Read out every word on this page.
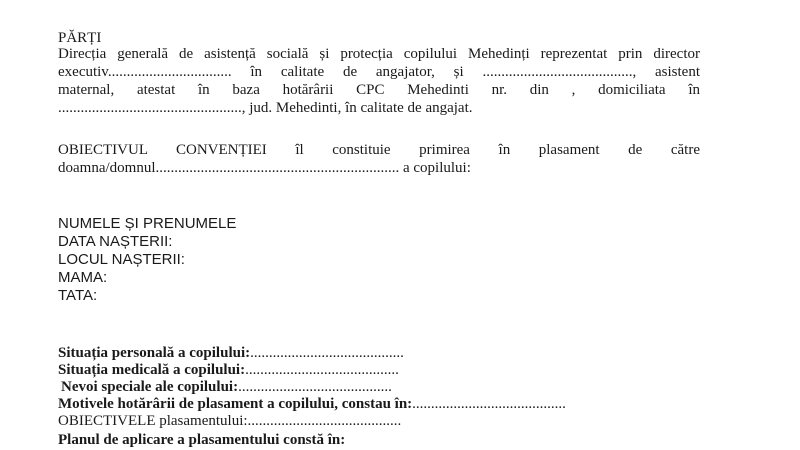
PĂRȚI
Direcția generală de asistență socială și protecția copilului Mehedinți reprezentat prin director
executiv................................. în calitate de angajator, și ........................................, asistent
maternal, atestat în baza hotărârii CPC Mehedinti nr. din , domiciliata în
................................................., jud. Mehedinti, în calitate de angajat.
OBIECTIVUL CONVENȚIEI îl constituie primirea în plasament de către
doamna/domnul................................................................. a copilului:
NUMELE ȘI PRENUMELE
DATA NAȘTERII:
LOCUL NAȘTERII:
MAMA:
TATA:
Situația personală a copilului:.........................................
Situația medicală a copilului:.........................................
Nevoi speciale ale copilului:.........................................
Motivele hotărârii de plasament a copilului, constau în:.........................................
OBIECTIVELE plasamentului:.........................................
Planul de aplicare a plasamentului constă în:
